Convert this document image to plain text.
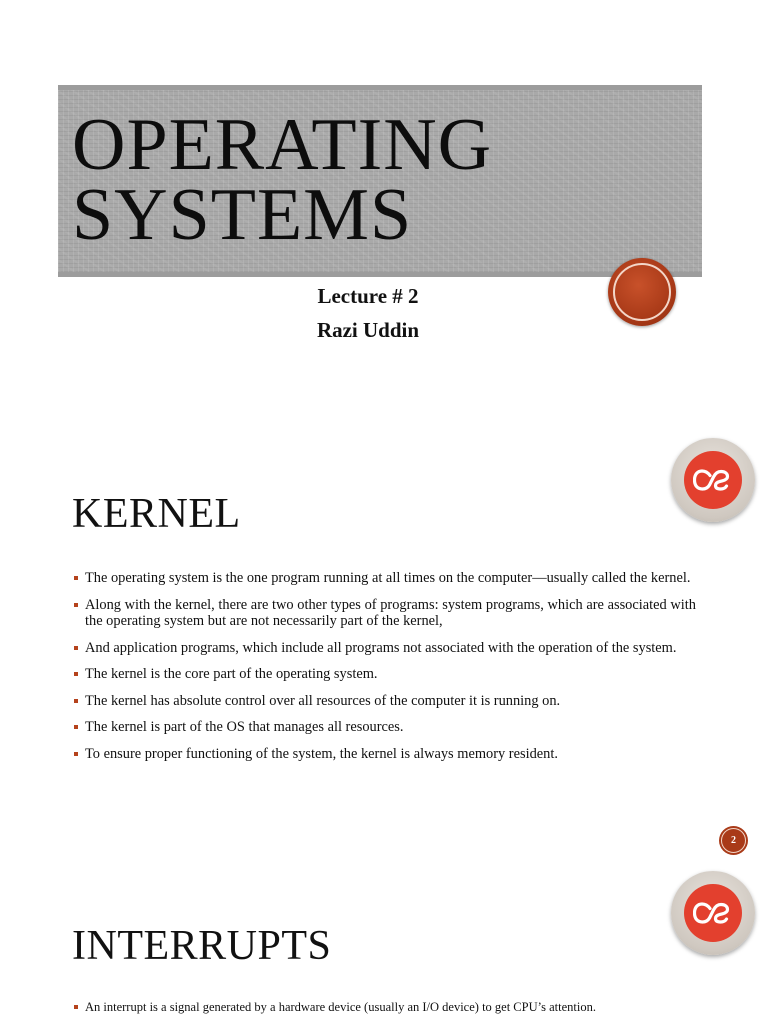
OPERATING
SYSTEMS

Lecture # 2

Razi Uddin

KERNEL
The operating system is the one program running at all times on the computer—usually called the kernel.
Along with the kernel, there are two other types of programs: system programs, which are associated with the operating system but are not necessarily part of the kernel,
And application programs, which include all programs not associated with the operation of the system.
The kernel is the core part of the operating system.
The kernel has absolute control over all resources of the computer it is running on.
The kernel is part of the OS that manages all resources.
To ensure proper functioning of the system, the kernel is always memory resident.
2
INTERRUPTS
An interrupt is a signal generated by a hardware device (usually an I/O device) to get CPU’s attention.
